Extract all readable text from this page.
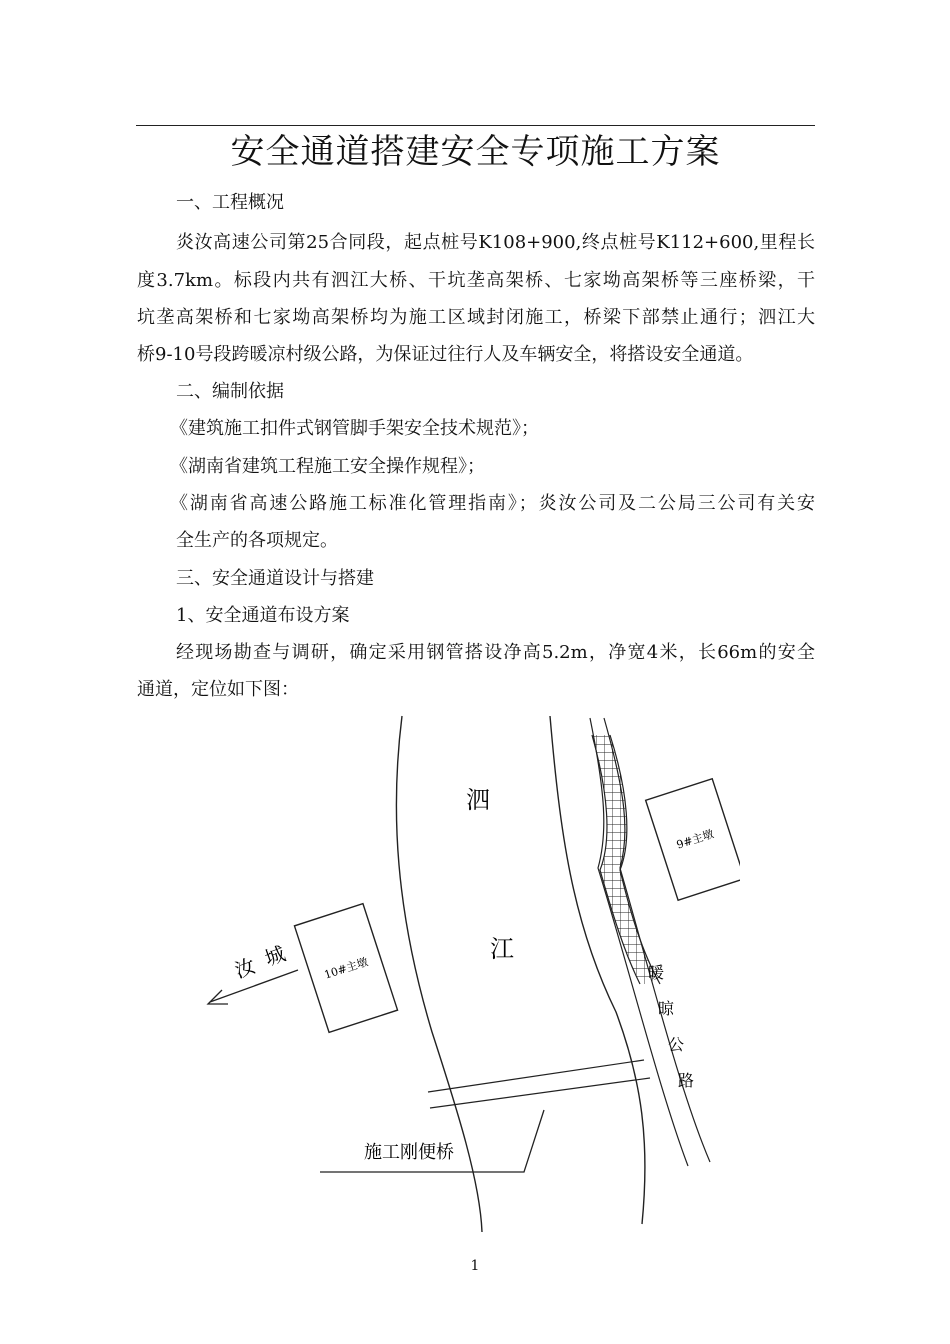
安全通道搭建安全专项施工方案

一、工程概况

炎汝高速公司第25合同段，起点桩号K108+900,终点桩号K112+600,里程长

度3.7km。标段内共有泗江大桥、干坑垄高架桥、七家坳高架桥等三座桥梁，干

坑垄高架桥和七家坳高架桥均为施工区域封闭施工，桥梁下部禁止通行；泗江大

桥9-10号段跨暖凉村级公路，为保证过往行人及车辆安全，将搭设安全通道。

二、编制依据

《建筑施工扣件式钢管脚手架安全技术规范》；

《湖南省建筑工程施工安全操作规程》；

《湖南省高速公路施工标准化管理指南》；炎汝公司及二公局三公司有关安

全生产的各项规定。

三、安全通道设计与搭建

1、安全通道布设方案

经现场勘查与调研，确定采用钢管搭设净高5.2m，净宽4米，长66m的安全

通道，定位如下图：

9#主墩
10#主墩
汝 城
泗
江
暖
晾
公
路
施工刚便桥
1
